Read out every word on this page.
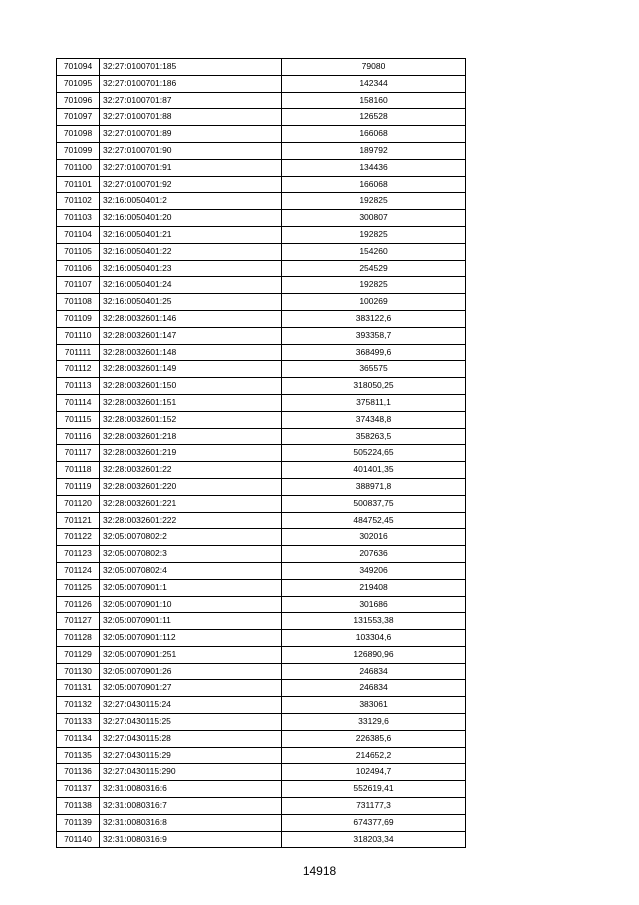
701094	32:27:0100701:185	79080
701095	32:27:0100701:186	142344
701096	32:27:0100701:87	158160
701097	32:27:0100701:88	126528
701098	32:27:0100701:89	166068
701099	32:27:0100701:90	189792
701100	32:27:0100701:91	134436
701101	32:27:0100701:92	166068
701102	32:16:0050401:2	192825
701103	32:16:0050401:20	300807
701104	32:16:0050401:21	192825
701105	32:16:0050401:22	154260
701106	32:16:0050401:23	254529
701107	32:16:0050401:24	192825
701108	32:16:0050401:25	100269
701109	32:28:0032601:146	383122,6
701110	32:28:0032601:147	393358,7
701111	32:28:0032601:148	368499,6
701112	32:28:0032601:149	365575
701113	32:28:0032601:150	318050,25
701114	32:28:0032601:151	375811,1
701115	32:28:0032601:152	374348,8
701116	32:28:0032601:218	358263,5
701117	32:28:0032601:219	505224,65
701118	32:28:0032601:22	401401,35
701119	32:28:0032601:220	388971,8
701120	32:28:0032601:221	500837,75
701121	32:28:0032601:222	484752,45
701122	32:05:0070802:2	302016
701123	32:05:0070802:3	207636
701124	32:05:0070802:4	349206
701125	32:05:0070901:1	219408
701126	32:05:0070901:10	301686
701127	32:05:0070901:11	131553,38
701128	32:05:0070901:112	103304,6
701129	32:05:0070901:251	126890,96
701130	32:05:0070901:26	246834
701131	32:05:0070901:27	246834
701132	32:27:0430115:24	383061
701133	32:27:0430115:25	33129,6
701134	32:27:0430115:28	226385,6
701135	32:27:0430115:29	214652,2
701136	32:27:0430115:290	102494,7
701137	32:31:0080316:6	552619,41
701138	32:31:0080316:7	731177,3
701139	32:31:0080316:8	674377,69
701140	32:31:0080316:9	318203,34
14918
